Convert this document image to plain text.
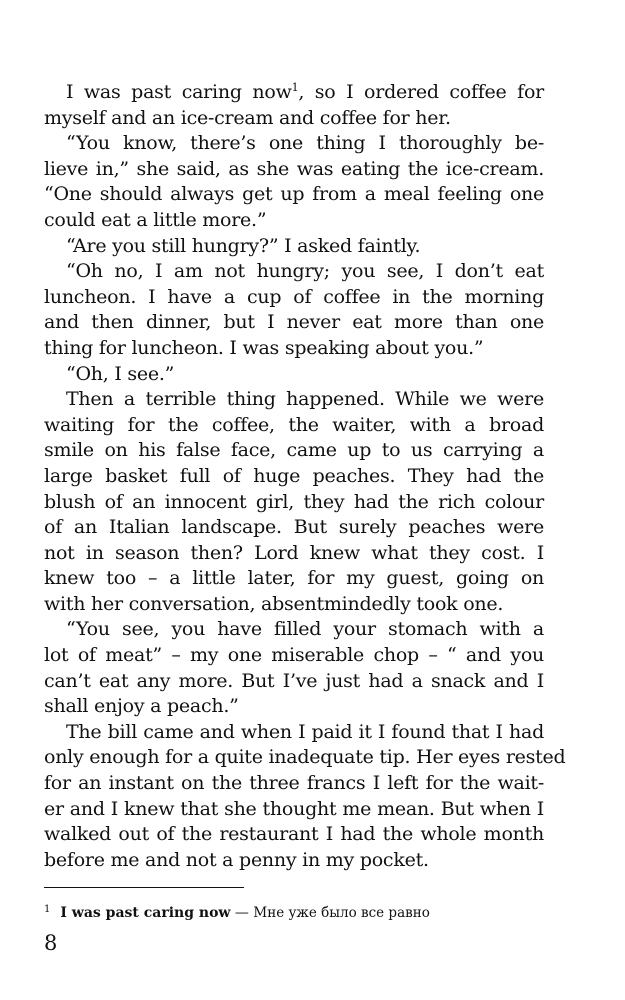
I was past caring now$^1$, so I ordered coffee for
myself and an ice-cream and coffee for her.
“You know, there’s one thing I thoroughly be-
lieve in,” she said, as she was eating the ice-cream.
“One should always get up from a meal feeling one
could eat a little more.”
“Are you still hungry?” I asked faintly.
“Oh no, I am not hungry; you see, I don’t eat
luncheon. I have a cup of coffee in the morning
and then dinner, but I never eat more than one
thing for luncheon. I was speaking about you.”
“Oh, I see.”
Then a terrible thing happened. While we were
waiting for the coffee, the waiter, with a broad
smile on his false face, came up to us carrying a
large basket full of huge peaches. They had the
blush of an innocent girl, they had the rich colour
of an Italian landscape. But surely peaches were
not in season then? Lord knew what they cost. I
knew too – a little later, for my guest, going on
with her conversation, absentmindedly took one.
“You see, you have filled your stomach with a
lot of meat” – my one miserable chop – “ and you
can’t eat any more. But I’ve just had a snack and I
shall enjoy a peach.”
The bill came and when I paid it I found that I had
only enough for a quite inadequate tip. Her eyes rested
for an instant on the three francs I left for the wait-
er and I knew that she thought me mean. But when I
walked out of the restaurant I had the whole month
before me and not a penny in my pocket.
$^1$ I was past caring now — Мне уже было все равно
8
